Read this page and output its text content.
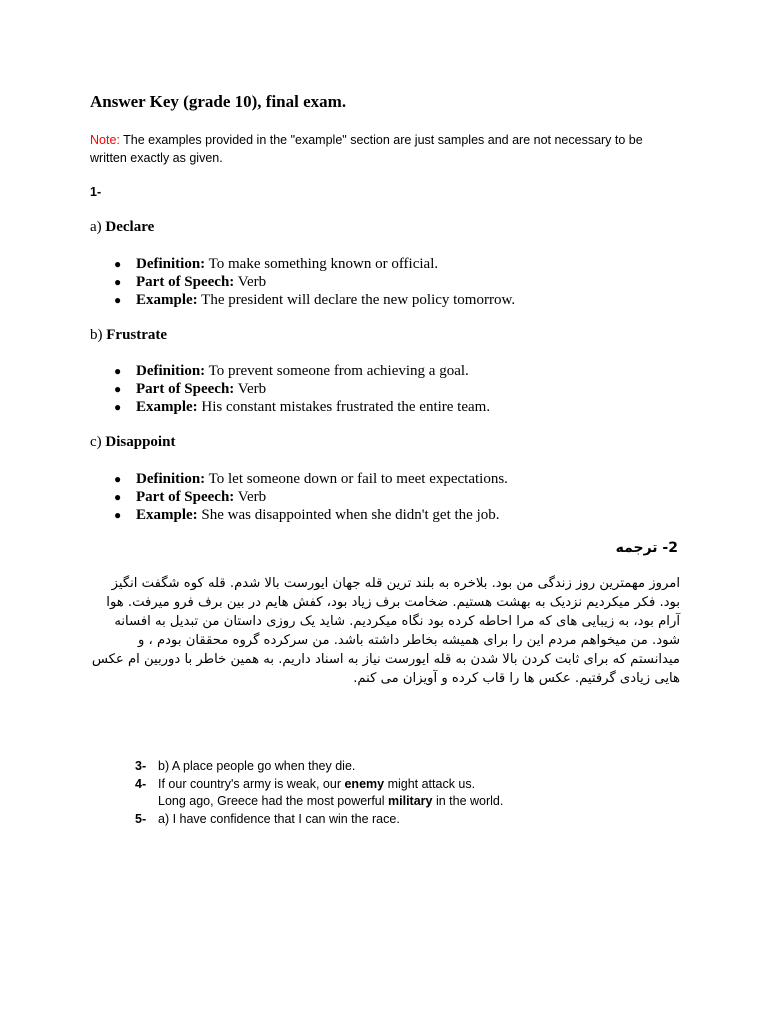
Answer Key (grade 10), final exam.

Note: The examples provided in the "example" section are just samples and are not necessary to be written exactly as given.

1-

a) Declare

● Definition: To make something known or official.
● Part of Speech: Verb
● Example: The president will declare the new policy tomorrow.

b) Frustrate

● Definition: To prevent someone from achieving a goal.
● Part of Speech: Verb
● Example: His constant mistakes frustrated the entire team.

c) Disappoint

● Definition: To let someone down or fail to meet expectations.
● Part of Speech: Verb
● Example: She was disappointed when she didn't get the job.

2- ترجمه

امروز مهمترین روز زندگی من بود. بلاخره به بلند ترین قله جهان ایورست بالا شدم. قله کوه شگفت انگیز بود. فکر میکردیم نزدیک به بهشت هستیم. ضخامت برف زیاد بود، کفش هایم در بین برف فرو میرفت. هوا آرام بود، به زیبایی های که مرا احاطه کرده بود نگاه میکردیم. شاید یک روزی داستان من تبدیل به افسانه شود. من میخواهم مردم این را برای همیشه بخاطر داشته باشد. من سرکرده گروه محققان بودم ، و میدانستم که برای ثابت کردن بالا شدن به قله ایورست نیاز به اسناد داریم. به همین خاطر با دوربین ام عکس هایی زیادی گرفتیم. عکس ها را قاب کرده و آویزان می کنم.

3- b) A place people go when they die.
4- If our country's army is weak, our enemy might attack us.
Long ago, Greece had the most powerful military in the world.
5- a) I have confidence that I can win the race.
